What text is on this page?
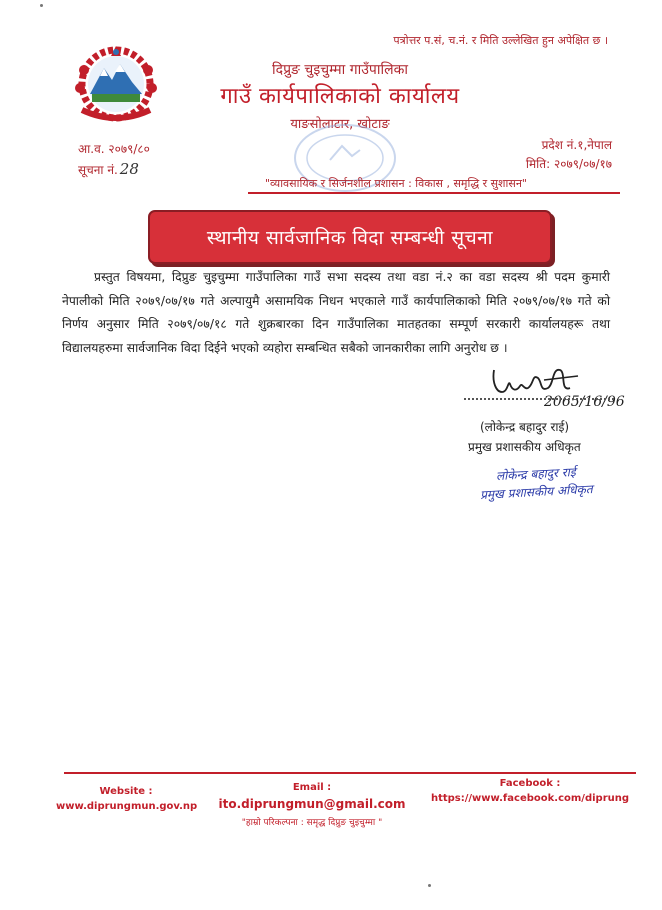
पत्रोत्तर प.सं, च.नं. र मिति उल्लेखित हुन अपेक्षित छ ।
दिप्रुङ चुइचुम्मा गाउँपालिका
गाउँ कार्यपालिकाको कार्यालय
याङसोलाटार, खोटाङ
आ.व. २०७९/८०
सूचना नं. 28
प्रदेश नं.१,नेपाल
मिति: २०७९/०७/१७
"व्यावसायिक र सिर्जनशील प्रशासन : विकास , समृद्धि र सुशासन"
स्थानीय सार्वजानिक विदा सम्बन्धी सूचना
प्रस्तुत विषयमा, दिप्रुङ चुइचुम्मा गाउँपालिका गाउँ सभा सदस्य तथा वडा नं.२ का वडा सदस्य श्री पदम कुमारी नेपालीको मिति २०७९/०७/१७ गते अल्पायुमै असामयिक निधन भएकाले गाउँ कार्यपालिकाको मिति २०७९/०७/१७ गते को निर्णय अनुसार मिति २०७९/०७/१८ गते शुक्रबारका दिन गाउँपालिका मातहतका सम्पूर्ण सरकारी कार्यालयहरू तथा विद्यालयहरुमा सार्वजानिक विदा दिईने भएको व्यहोरा सम्बन्धित सबैको जानकारीका लागि अनुरोध छ ।
2065/16/96
(लोकेन्द्र बहादुर राई)
प्रमुख प्रशासकीय अधिकृत
लोकेन्द्र बहादुर राई
प्रमुख प्रशासकीय अधिकृत
Website :
www.diprungmun.gov.np
Email :
ito.diprungmun@gmail.com
"हाम्रो परिकल्पना : समृद्ध दिप्रुङ चुइचुम्मा "
Facebook :
https://www.facebook.com/diprung
